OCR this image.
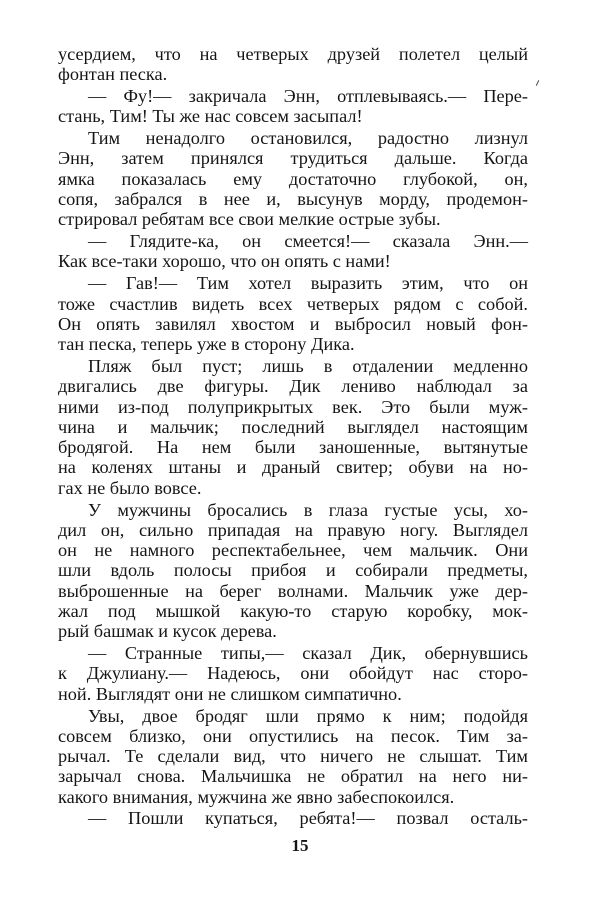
усердием, что на четверых друзей полетел целый
фонтан песка.
— Фу!— закричала Энн, отплевываясь.— Пере-
стань, Тим! Ты же нас совсем засыпал!
Тим ненадолго остановился, радостно лизнул
Энн, затем принялся трудиться дальше. Когда
ямка показалась ему достаточно глубокой, он,
сопя, забрался в нее и, высунув морду, продемон-
стрировал ребятам все свои мелкие острые зубы.
— Глядите-ка, он смеется!— сказала Энн.—
Как все-таки хорошо, что он опять с нами!
— Гав!— Тим хотел выразить этим, что он
тоже счастлив видеть всех четверых рядом с собой.
Он опять завилял хвостом и выбросил новый фон-
тан песка, теперь уже в сторону Дика.
Пляж был пуст; лишь в отдалении медленно
двигались две фигуры. Дик лениво наблюдал за
ними из-под полуприкрытых век. Это были муж-
чина и мальчик; последний выглядел настоящим
бродягой. На нем были заношенные, вытянутые
на коленях штаны и драный свитер; обуви на но-
гах не было вовсе.
У мужчины бросались в глаза густые усы, хо-
дил он, сильно припадая на правую ногу. Выглядел
он не намного респектабельнее, чем мальчик. Они
шли вдоль полосы прибоя и собирали предметы,
выброшенные на берег волнами. Мальчик уже дер-
жал под мышкой какую-то старую коробку, мок-
рый башмак и кусок дерева.
— Странные типы,— сказал Дик, обернувшись
к Джулиану.— Надеюсь, они обойдут нас сторо-
ной. Выглядят они не слишком симпатично.
Увы, двое бродяг шли прямо к ним; подойдя
совсем близко, они опустились на песок. Тим за-
рычал. Те сделали вид, что ничего не слышат. Тим
зарычал снова. Мальчишка не обратил на него ни-
какого внимания, мужчина же явно забеспокоился.
— Пошли купаться, ребята!— позвал осталь-
15
